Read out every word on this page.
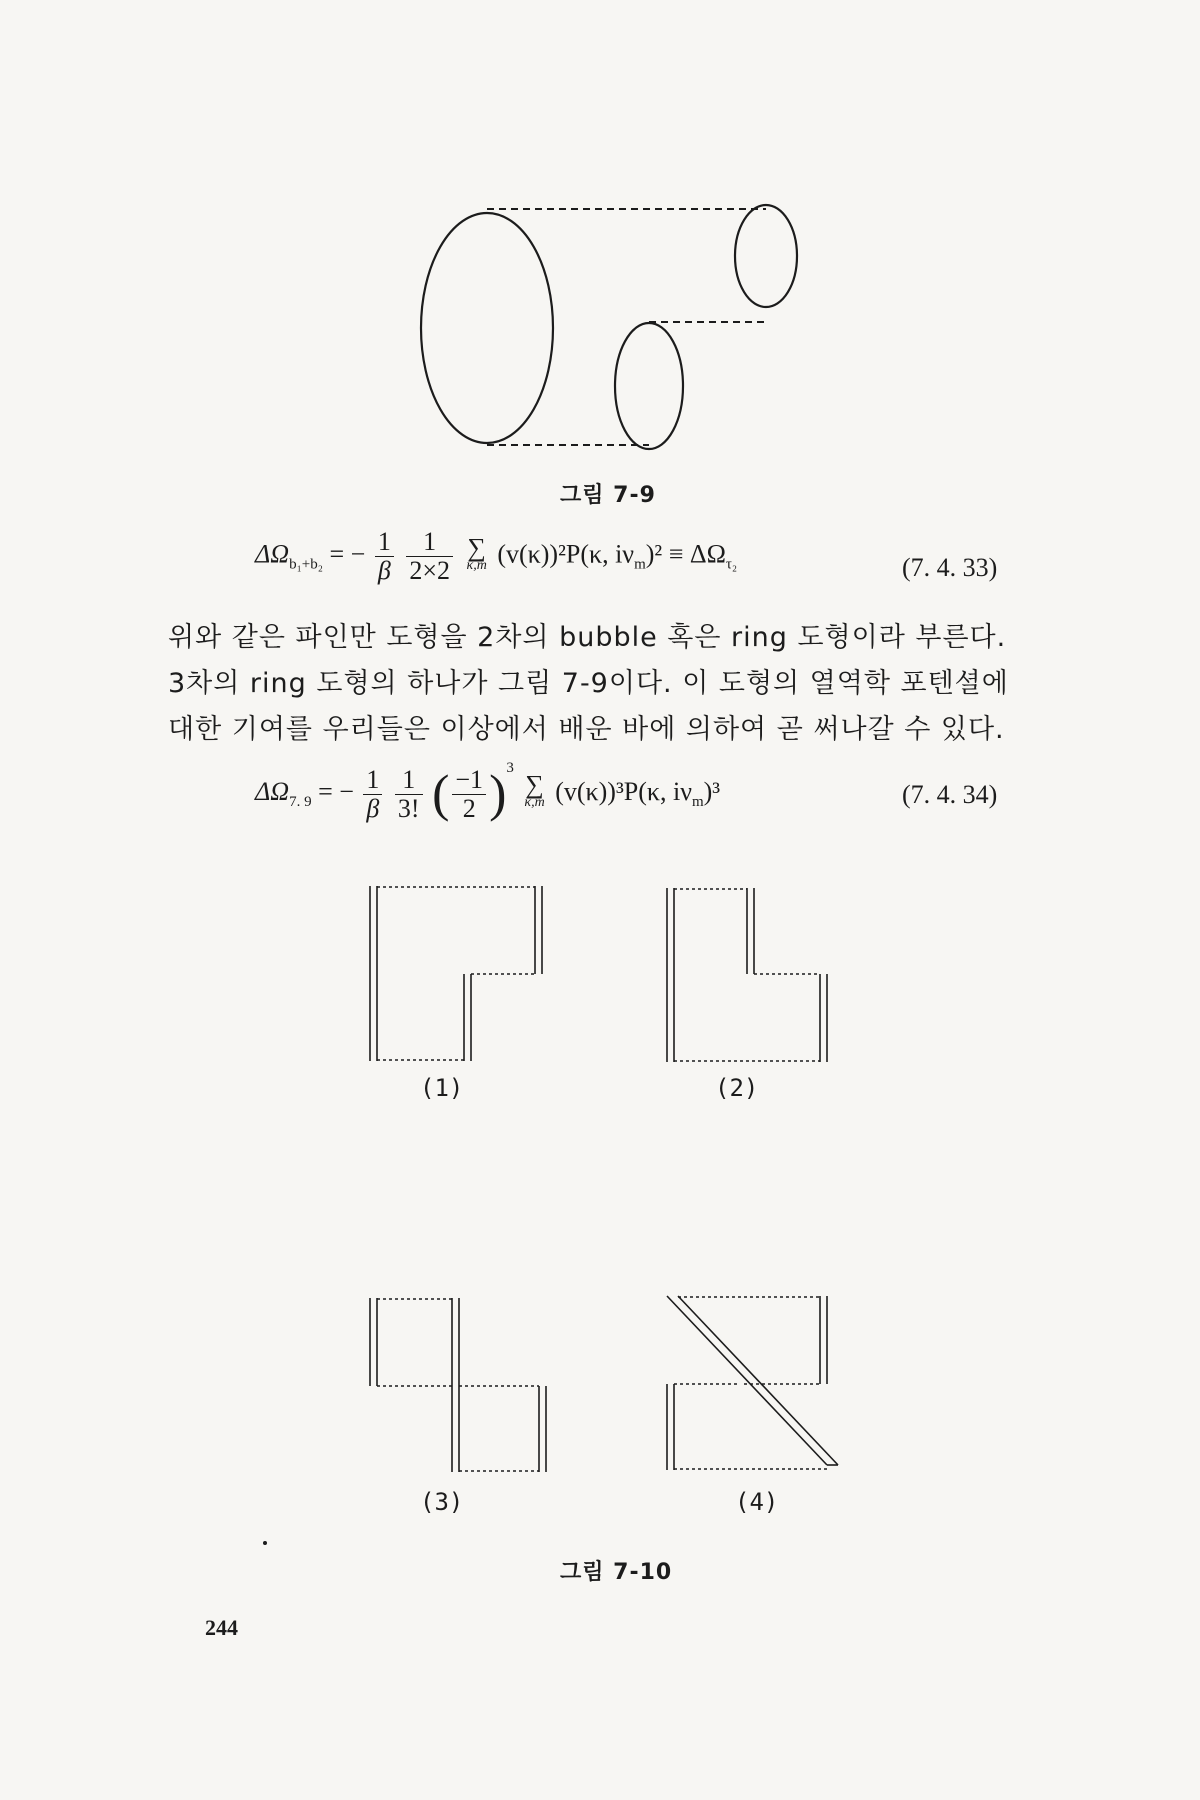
그림 7-9
$\Delta\Omega_{b_1+b_2}$ = − $\frac{1}{\beta}$
$\frac{1}{2\times 2}$
∑
κ,m (v(κ))²P(κ, $i\nu_m)^2 \equiv \Delta\Omega_{\tau_2}$	(7. 4. 33)
위와 같은 파인만 도형을 2차의 bubble 혹은 ring 도형이라 부른다.
3차의 ring 도형의 하나가 그림 7-9이다. 이 도형의 열역학 포텐셜에
대한 기여를 우리들은 이상에서 배운 바에 의하여 곧 써나갈 수 있다.
$\Delta\Omega_{7. 9}$ = − $\frac{1}{\beta}$
$\frac{1}{3!}$ ( $\frac{-1}{2} )^3$
∑
κ,m (v(κ))³P(κ, $i\nu_m)^3$	(7. 4. 34)
(1)	(2)
(3)	(4)
그림 7-10
244
